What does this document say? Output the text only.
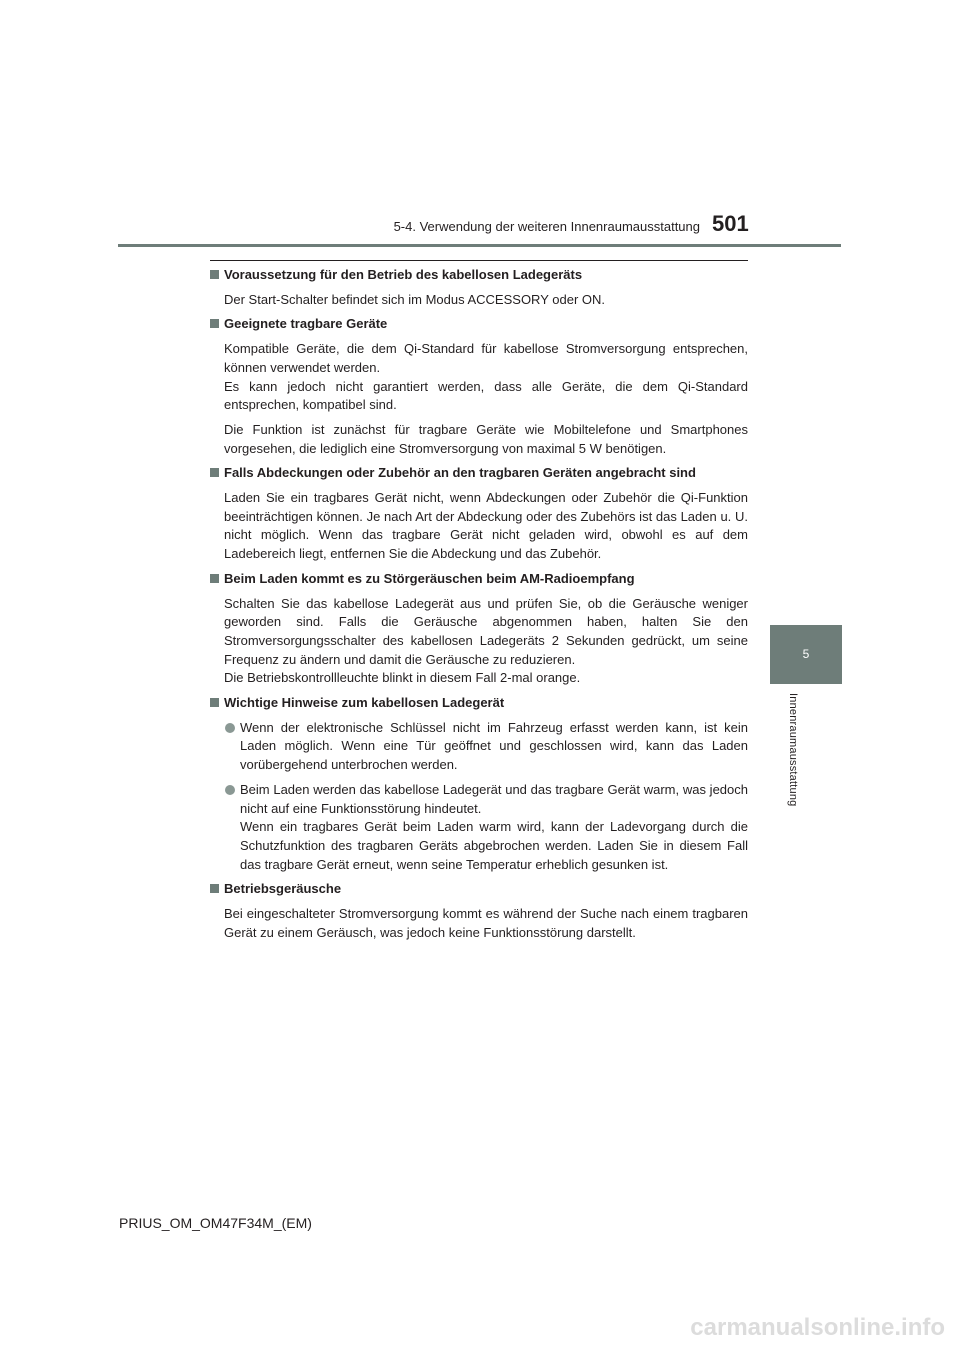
5-4. Verwendung der weiteren Innenraumausstattung 501
5
Innenraumausstattung
Voraussetzung für den Betrieb des kabellosen Ladegeräts
Der Start-Schalter befindet sich im Modus ACCESSORY oder ON.
Geeignete tragbare Geräte
Kompatible Geräte, die dem Qi-Standard für kabellose Stromversorgung entsprechen, können verwendet werden.
Es kann jedoch nicht garantiert werden, dass alle Geräte, die dem Qi-Standard entsprechen, kompatibel sind.
Die Funktion ist zunächst für tragbare Geräte wie Mobiltelefone und Smartphones vorgesehen, die lediglich eine Stromversorgung von maximal 5 W benötigen.
Falls Abdeckungen oder Zubehör an den tragbaren Geräten angebracht sind
Laden Sie ein tragbares Gerät nicht, wenn Abdeckungen oder Zubehör die Qi-Funktion beeinträchtigen können. Je nach Art der Abdeckung oder des Zubehörs ist das Laden u. U. nicht möglich. Wenn das tragbare Gerät nicht geladen wird, obwohl es auf dem Ladebereich liegt, entfernen Sie die Abdeckung und das Zubehör.
Beim Laden kommt es zu Störgeräuschen beim AM-Radioempfang
Schalten Sie das kabellose Ladegerät aus und prüfen Sie, ob die Geräusche weniger geworden sind. Falls die Geräusche abgenommen haben, halten Sie den Stromversorgungsschalter des kabellosen Ladegeräts 2 Sekunden gedrückt, um seine Frequenz zu ändern und damit die Geräusche zu reduzieren.
Die Betriebskontrollleuchte blinkt in diesem Fall 2-mal orange.
Wichtige Hinweise zum kabellosen Ladegerät
Wenn der elektronische Schlüssel nicht im Fahrzeug erfasst werden kann, ist kein Laden möglich. Wenn eine Tür geöffnet und geschlossen wird, kann das Laden vorübergehend unterbrochen werden.
Beim Laden werden das kabellose Ladegerät und das tragbare Gerät warm, was jedoch nicht auf eine Funktionsstörung hindeutet.
Wenn ein tragbares Gerät beim Laden warm wird, kann der Ladevorgang durch die Schutzfunktion des tragbaren Geräts abgebrochen werden. Laden Sie in diesem Fall das tragbare Gerät erneut, wenn seine Temperatur erheblich gesunken ist.
Betriebsgeräusche
Bei eingeschalteter Stromversorgung kommt es während der Suche nach einem tragbaren Gerät zu einem Geräusch, was jedoch keine Funktionsstörung darstellt.
PRIUS_OM_OM47F34M_(EM)
carmanualsonline.info
